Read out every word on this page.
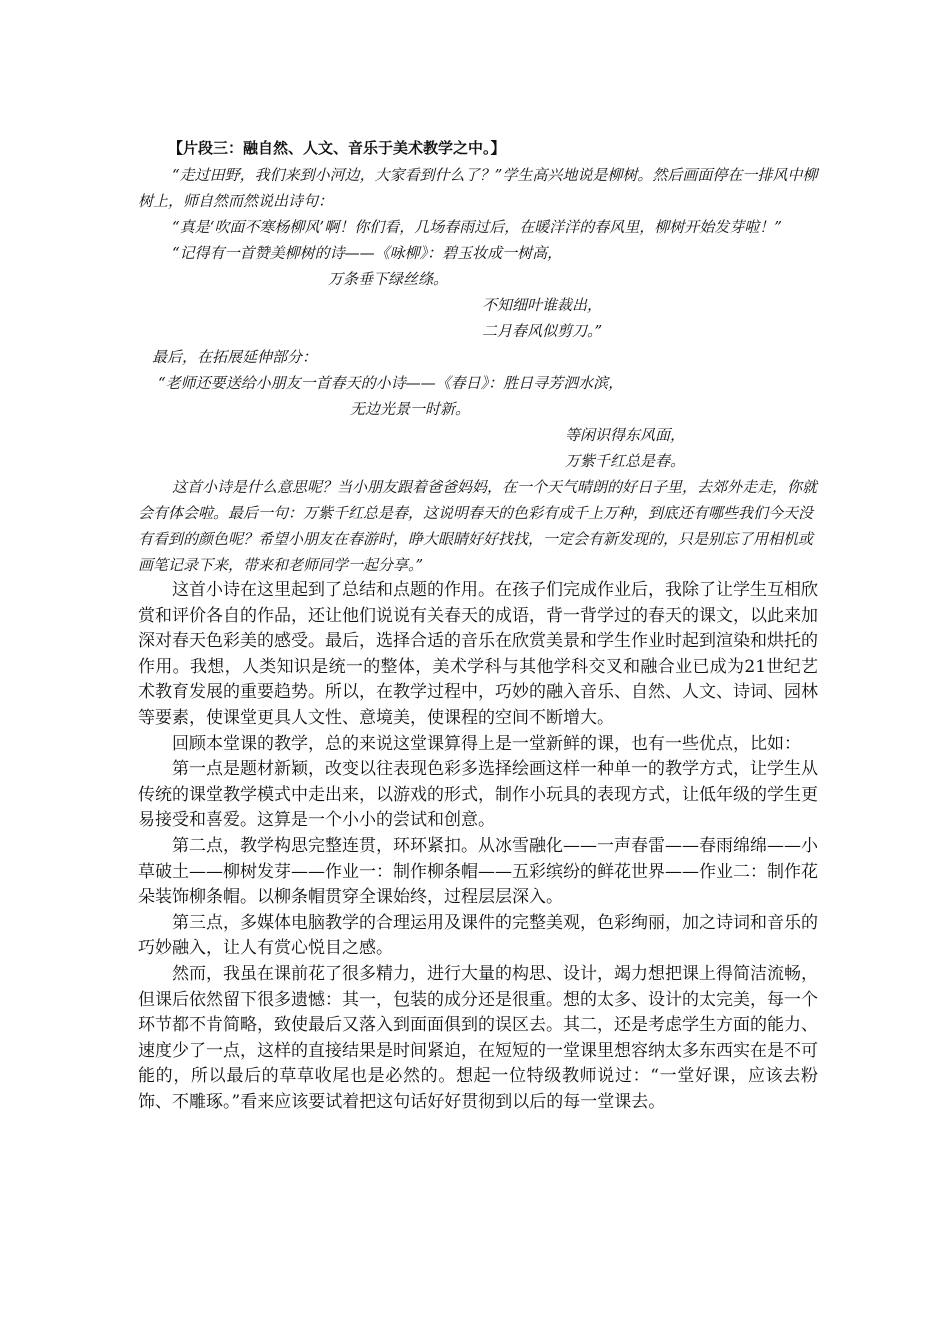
【片段三：融自然、人文、音乐于美术教学之中。】

“走过田野，我们来到小河边，大家看到什么了？”学生高兴地说是柳树。然后画面停在一排风中柳树上，师自然而然说出诗句：

“真是‘吹面不寒杨柳风’啊！你们看，几场春雨过后，在暖洋洋的春风里，柳树开始发芽啦！”

“记得有一首赞美柳树的诗——《咏柳》：碧玉妆成一树高，

万条垂下绿丝绦。

不知细叶谁裁出，

二月春风似剪刀。”

最后，在拓展延伸部分：

“老师还要送给小朋友一首春天的小诗——《春日》：胜日寻芳泗水滨，

无边光景一时新。

等闲识得东风面，

万紫千红总是春。

这首小诗是什么意思呢？当小朋友跟着爸爸妈妈，在一个天气晴朗的好日子里，去郊外走走，你就会有体会啦。最后一句：万紫千红总是春，这说明春天的色彩有成千上万种，到底还有哪些我们今天没有看到的颜色呢？希望小朋友在春游时，睁大眼睛好好找找，一定会有新发现的，只是别忘了用相机或画笔记录下来，带来和老师同学一起分享。”

这首小诗在这里起到了总结和点题的作用。在孩子们完成作业后，我除了让学生互相欣赏和评价各自的作品，还让他们说说有关春天的成语，背一背学过的春天的课文，以此来加深对春天色彩美的感受。最后，选择合适的音乐在欣赏美景和学生作业时起到渲染和烘托的作用。我想，人类知识是统一的整体，美术学科与其他学科交叉和融合业已成为21世纪艺术教育发展的重要趋势。所以，在教学过程中，巧妙的融入音乐、自然、人文、诗词、园林等要素，使课堂更具人文性、意境美，使课程的空间不断增大。

回顾本堂课的教学，总的来说这堂课算得上是一堂新鲜的课，也有一些优点，比如：

第一点是题材新颖，改变以往表现色彩多选择绘画这样一种单一的教学方式，让学生从传统的课堂教学模式中走出来，以游戏的形式，制作小玩具的表现方式，让低年级的学生更易接受和喜爱。这算是一个小小的尝试和创意。

第二点，教学构思完整连贯，环环紧扣。从冰雪融化——一声春雷——春雨绵绵——小草破土——柳树发芽——作业一：制作柳条帽——五彩缤纷的鲜花世界——作业二：制作花朵装饰柳条帽。以柳条帽贯穿全课始终，过程层层深入。

第三点，多媒体电脑教学的合理运用及课件的完整美观，色彩绚丽，加之诗词和音乐的巧妙融入，让人有赏心悦目之感。

然而，我虽在课前花了很多精力，进行大量的构思、设计，竭力想把课上得简洁流畅，但课后依然留下很多遗憾：其一，包装的成分还是很重。想的太多、设计的太完美，每一个环节都不肯简略，致使最后又落入到面面俱到的误区去。其二，还是考虑学生方面的能力、速度少了一点，这样的直接结果是时间紧迫，在短短的一堂课里想容纳太多东西实在是不可能的，所以最后的草草收尾也是必然的。想起一位特级教师说过：“一堂好课，应该去粉饰、不雕琢。”看来应该要试着把这句话好好贯彻到以后的每一堂课去。
